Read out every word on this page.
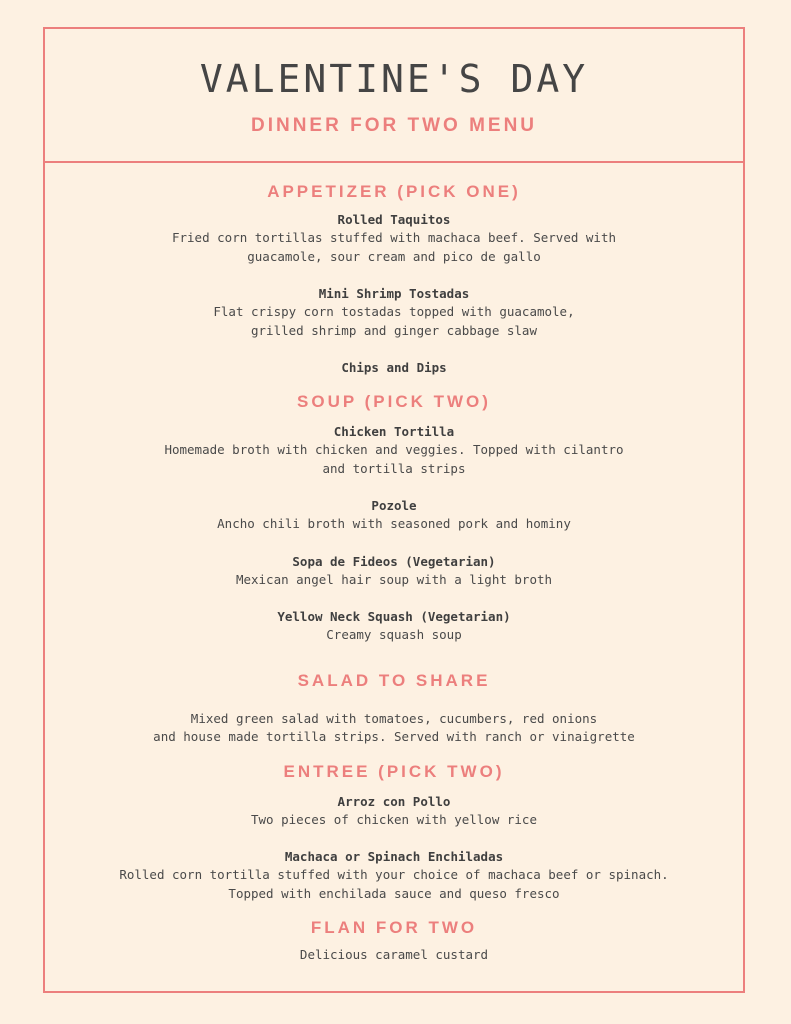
VALENTINE'S DAY
DINNER FOR TWO MENU
APPETIZER (PICK ONE)
Rolled Taquitos
Fried corn tortillas stuffed with machaca beef. Served with
guacamole, sour cream and pico de gallo
Mini Shrimp Tostadas
Flat crispy corn tostadas topped with guacamole,
grilled shrimp and ginger cabbage slaw
Chips and Dips
SOUP (PICK TWO)
Chicken Tortilla
Homemade broth with chicken and veggies. Topped with cilantro
and tortilla strips
Pozole
Ancho chili broth with seasoned pork and hominy
Sopa de Fideos (Vegetarian)
Mexican angel hair soup with a light broth
Yellow Neck Squash (Vegetarian)
Creamy squash soup
SALAD TO SHARE
Mixed green salad with tomatoes, cucumbers, red onions
and house made tortilla strips. Served with ranch or vinaigrette
ENTREE (PICK TWO)
Arroz con Pollo
Two pieces of chicken with yellow rice
Machaca or Spinach Enchiladas
Rolled corn tortilla stuffed with your choice of machaca beef or spinach.
Topped with enchilada sauce and queso fresco
FLAN FOR TWO
Delicious caramel custard
